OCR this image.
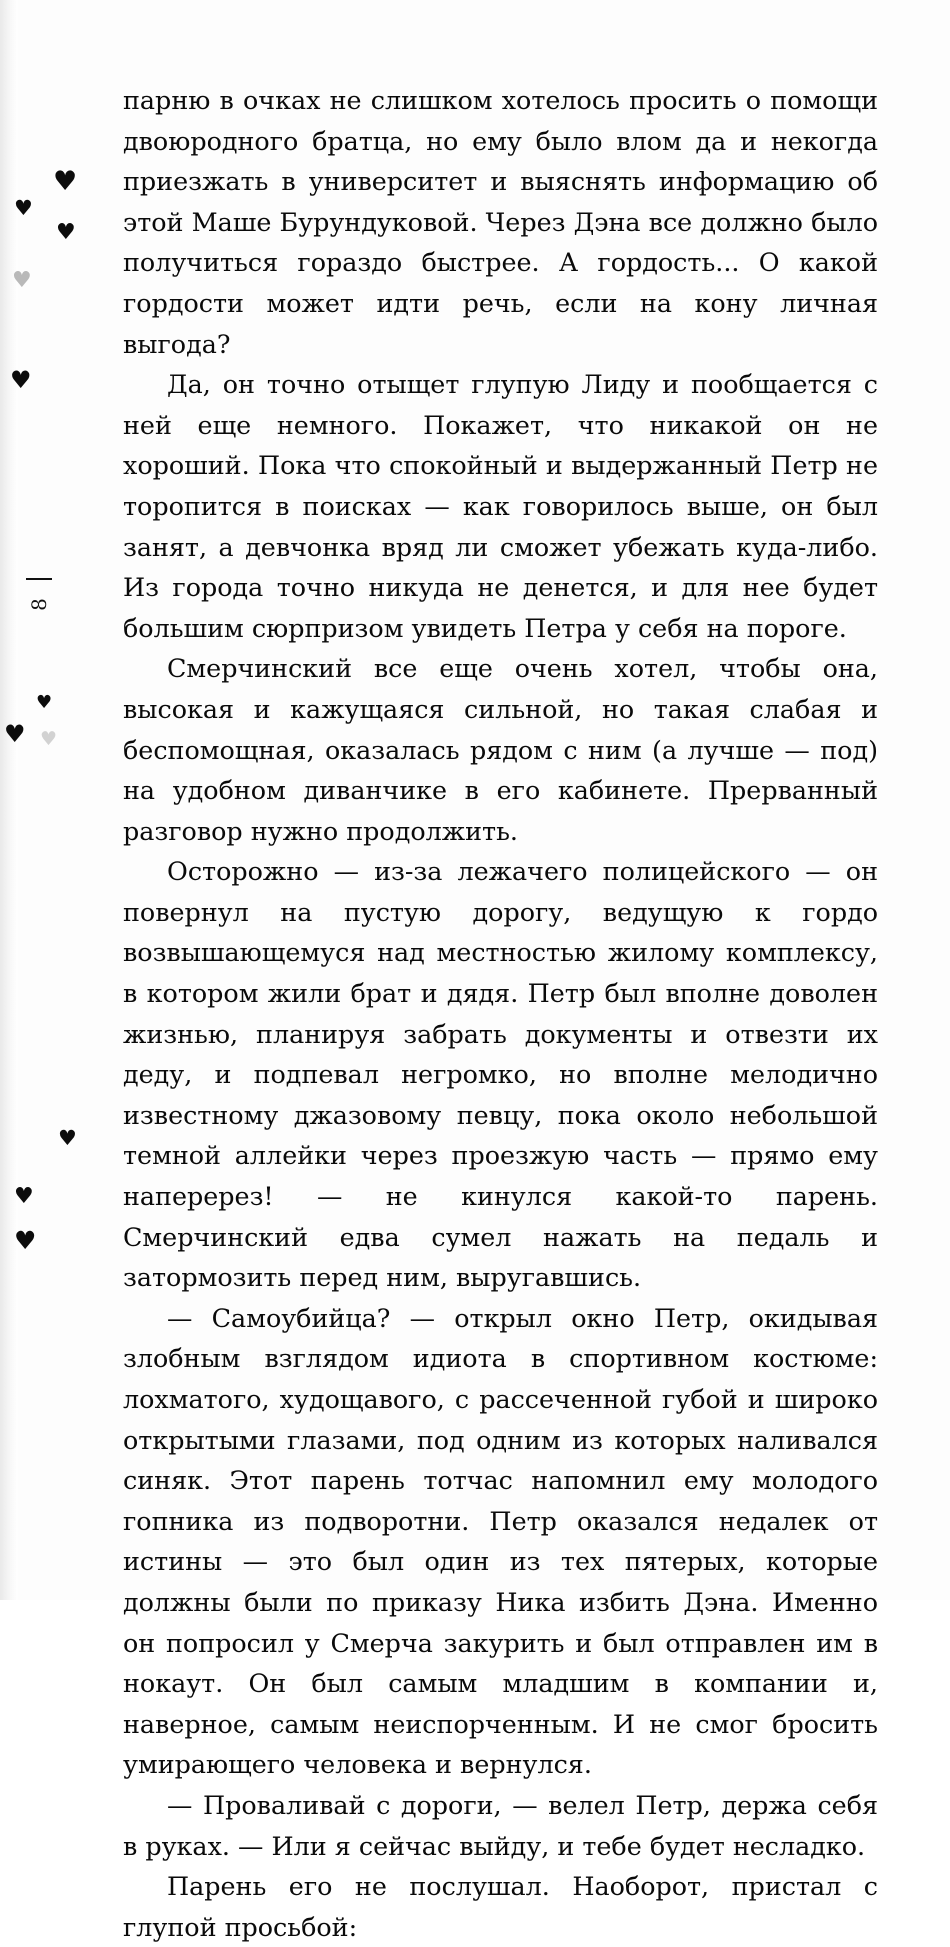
♥
♥
♥
♥
♥
♥
♥ ♥
♥
♥
♥
8

парню в очках не слишком хотелось просить о помощи двоюродного братца, но ему было влом да и некогда приезжать в университет и выяснять информацию об этой Маше Бурундуковой. Через Дэна все должно было получиться гораздо быстрее. А гордость... О какой гордости может идти речь, если на кону личная выгода?

Да, он точно отыщет глупую Лиду и пообщается с ней еще немного. Покажет, что никакой он не хороший. Пока что спокойный и выдержанный Петр не торопится в поисках — как говорилось выше, он был занят, а девчонка вряд ли сможет убежать куда-либо. Из города точно никуда не денется, и для нее будет большим сюрпризом увидеть Петра у себя на пороге.

Смерчинский все еще очень хотел, чтобы она, высокая и кажущаяся сильной, но такая слабая и беспомощная, оказалась рядом с ним (а лучше — под) на удобном диванчике в его кабинете. Прерванный разговор нужно продолжить.

Осторожно — из-за лежачего полицейского — он повернул на пустую дорогу, ведущую к гордо возвышающемуся над местностью жилому комплексу, в котором жили брат и дядя. Петр был вполне доволен жизнью, планируя забрать документы и отвезти их деду, и подпевал негромко, но вполне мелодично известному джазовому певцу, пока около небольшой темной аллейки через проезжую часть — прямо ему наперерез! — не кинулся какой-то парень. Смерчинский едва сумел нажать на педаль и затормозить перед ним, выругавшись.

— Самоубийца? — открыл окно Петр, окидывая злобным взглядом идиота в спортивном костюме: лохматого, худощавого, с рассеченной губой и широко открытыми глазами, под одним из которых наливался синяк. Этот парень тотчас напомнил ему молодого гопника из подворотни. Петр оказался недалек от истины — это был один из тех пятерых, которые должны были по приказу Ника избить Дэна. Именно он попросил у Смерча закурить и был отправлен им в нокаут. Он был самым младшим в компании и, наверное, самым неиспорченным. И не смог бросить умирающего человека и вернулся.

— Проваливай с дороги, — велел Петр, держа себя в руках. — Или я сейчас выйду, и тебе будет несладко.

Парень его не послушал. Наоборот, пристал с глупой просьбой:
